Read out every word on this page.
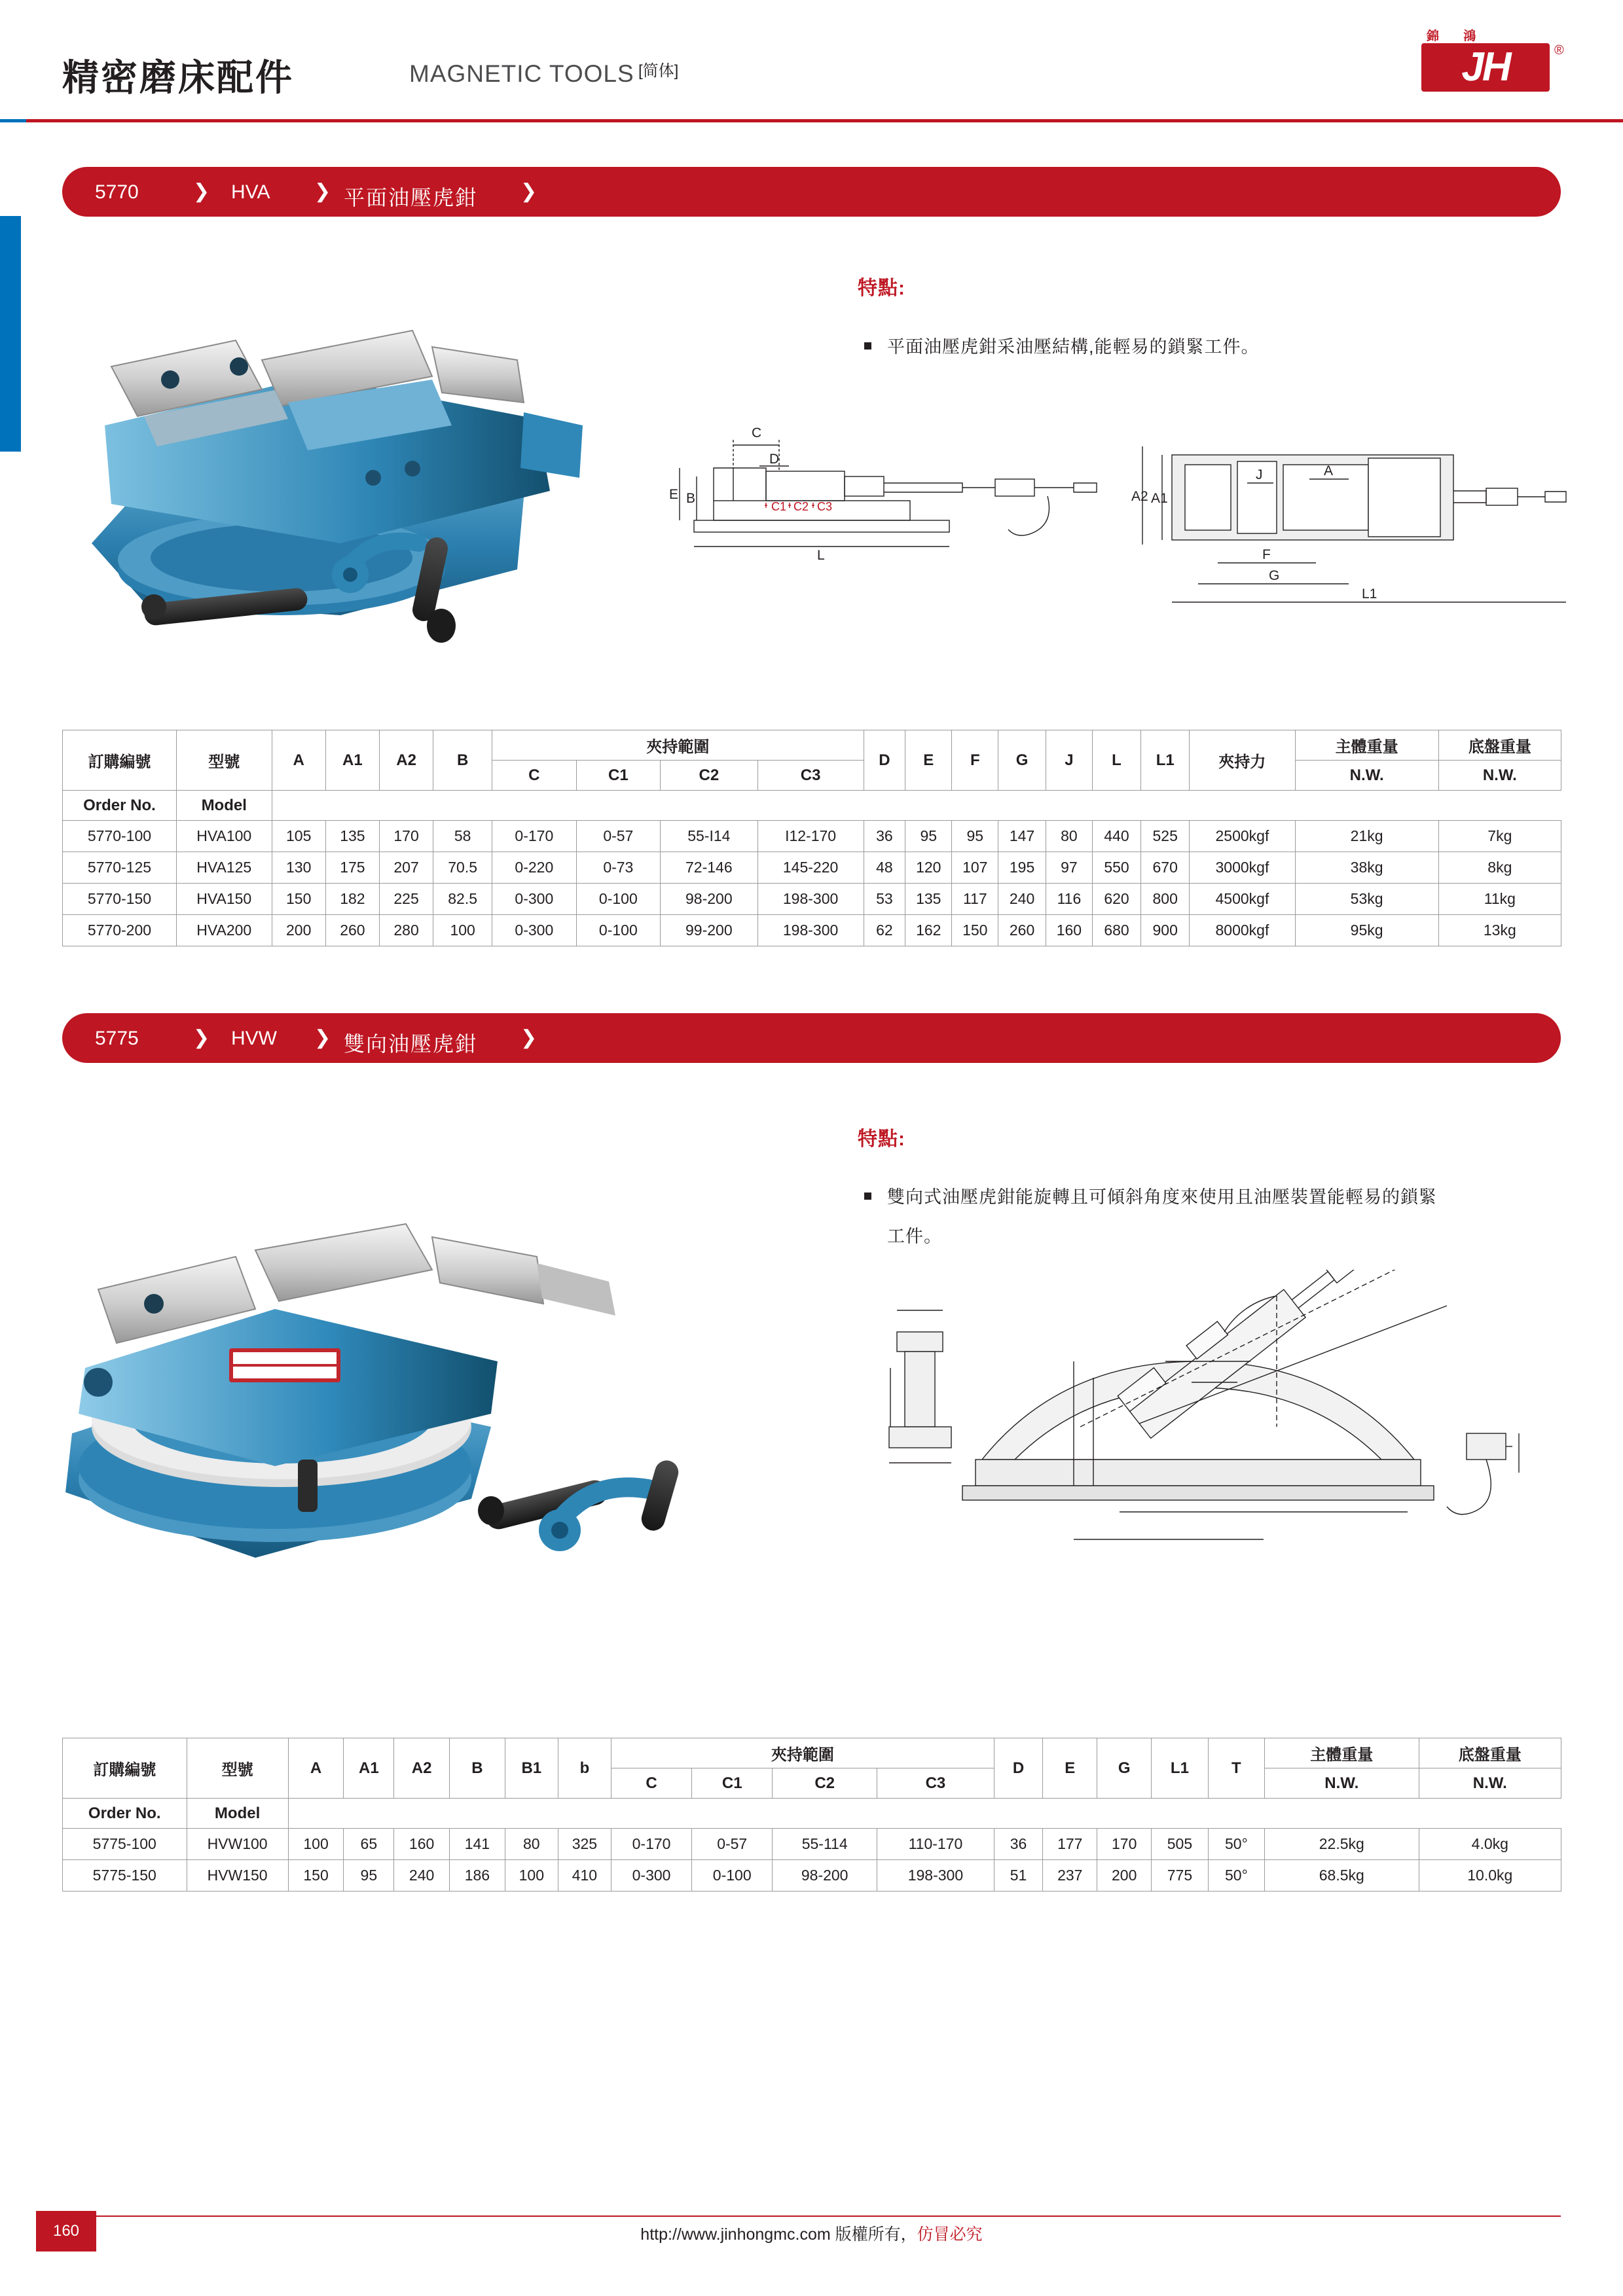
精密磨床配件	MAGNETIC TOOLS [简体]
錦 鴻
JH	®
5770	❯ HVA ❯ 平面油壓虎鉗 ❯
特點:
平面油壓虎鉗采油壓結構,能輕易的鎖緊工件。
C
D
E B
L
C1 C2 C3
A2 A1
J	A
F
G
L1
訂購編號	型號	A	A1	A2	B	夾持範圍				D	E	F	G	J	L	L1	夾持力	主體重量	底盤重量
						C	C1	C2	C3									N.W.	N.W.
Order No.	Model																		
5770-100	HVA100	105	135	170	58	0-170	0-57	55-I14	I12-170	36	95	95	147	80	440	525	2500kgf	21kg	7kg
5770-125	HVA125	130	175	207	70.5	0-220	0-73	72-146	145-220	48	120	107	195	97	550	670	3000kgf	38kg	8kg
5770-150	HVA150	150	182	225	82.5	0-300	0-100	98-200	198-300	53	135	117	240	116	620	800	4500kgf	53kg	11kg
5770-200	HVA200	200	260	280	100	0-300	0-100	99-200	198-300	62	162	150	260	160	680	900	8000kgf	95kg	13kg
5775	❯ HVW ❯ 雙向油壓虎鉗 ❯
特點:
雙向式油壓虎鉗能旋轉且可傾斜角度來使用且油壓裝置能輕易的鎖緊
工件。
A
A1
A2
T
L1
b
G
B1
訂購編號	型號	A	A1	A2	B	B1	b	夾持範圍				D	E	G	L1	T	主體重量	底盤重量
								C	C1	C2	C3						N.W.	N.W.
Order No.	Model																	
5775-100	HVW100	100	65	160	141	80	325	0-170	0-57	55-114	110-170	36	177	170	505	50°	22.5kg	4.0kg
5775-150	HVW150	150	95	240	186	100	410	0-300	0-100	98-200	198-300	51	237	200	775	50°	68.5kg	10.0kg
160	http://www.jinhongmc.com 版權所有，仿冒必究
